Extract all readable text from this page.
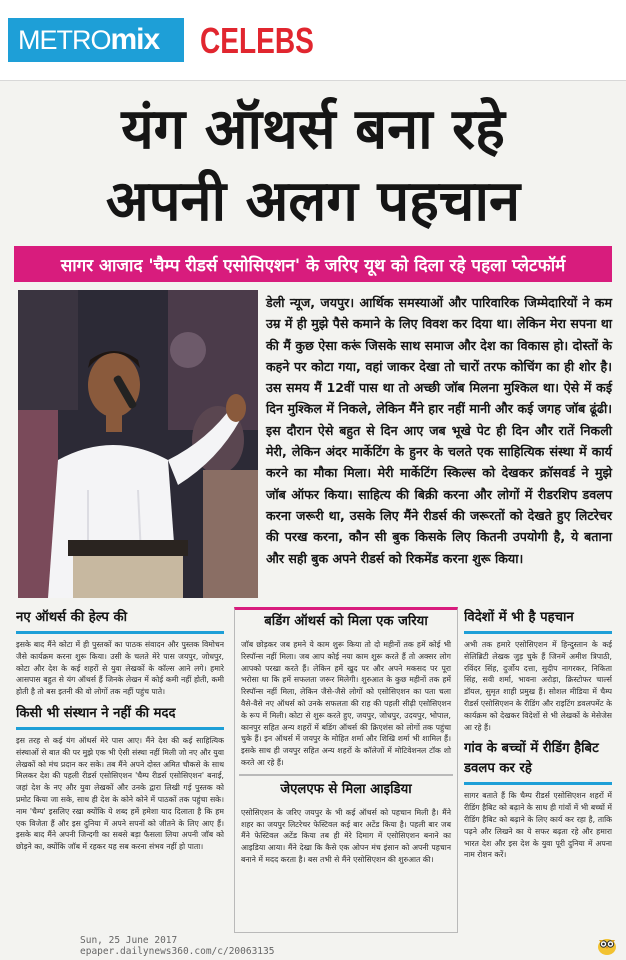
METRO mix CELEBS
यंग ऑथर्स बना रहे
अपनी अलग पहचान
सागर आजाद 'चैम्प रीडर्स एसोसिएशन' के जरिए यूथ को दिला रहे पहला प्लेटफॉर्म

डेली न्यूज, जयपुर। आर्थिक समस्याओं और पारिवारिक जिम्मेदारियों ने कम उम्र में ही मुझे पैसे कमाने के लिए विवश कर दिया था। लेकिन मेरा सपना था की मैं कुछ ऐसा करूं जिसके साथ समाज और देश का विकास हो। दोस्तों के कहने पर कोटा गया, वहां जाकर देखा तो चारों तरफ कोचिंग का ही शोर है। उस समय मैं 12वीं पास था तो अच्छी जॉब मिलना मुश्किल था। ऐसे में कई दिन मुश्किल में निकले, लेकिन मैंने हार नहीं मानी और कई जगह जॉब ढूंढी। इस दौरान ऐसे बहुत से दिन आए जब भूखे पेट ही दिन और रातें निकली मेरी, लेकिन अंदर मार्केटिंग के हुनर के चलते एक साहित्यिक संस्था में कार्य करने का मौका मिला। मेरी मार्केटिंग स्किल्स को देखकर क्रॉसवर्ड ने मुझे जॉब ऑफर किया। साहित्य की बिक्री करना और लोगों में रीडरशिप डवलप करना जरूरी था, उसके लिए मैंने रीडर्स की जरूरतों को देखते हुए लिटरेचर की परख करना, कौन सी बुक किसके लिए कितनी उपयोगी है, ये बताना और सही बुक अपने रीडर्स को रिकमेंड करना शुरू किया।

नए ऑथर्स की हेल्प की

इसके बाद मैंने कोटा में ही पुस्तकों का पाठक संवादन और पुस्तक विमोचन जैसे कार्यक्रम करना शुरू किया। उसी के चलते मेरे पास जयपुर, जोधपुर, कोटा और देश के कई शहरों से युवा लेखकों के कॉल्स आने लगे। हमारे आसपास बहुत से यंग ऑथर्स हैं जिनके लेखन में कोई कमी नहीं होती, कमी होती है तो बस इतनी की वो लोगों तक नहीं पहुंच पाते।

किसी भी संस्थान ने नहीं की मदद

इस तरह से कई यंग ऑथर्स मेरे पास आए। मैंने देश की कई साहित्यिक संस्थाओं से बात की पर मुझे एक भी ऐसी संस्था नहीं मिली जो नए और युवा लेखकों को मंच प्रदान कर सके। तब मैंने अपने दोस्त अमित चौकसे के साथ मिलकर देश की पहली रीडर्स एसोसिएशन 'चैम्प रीडर्स एसोसिएशन' बनाई, जहां देश के नए और युवा लेखकों और उनके द्वारा लिखी गई पुस्तक को प्रमोट किया जा सके, साथ ही देश के कोने कोने में पाठकों तक पहुंचा सके। नाम 'चैम्प' इसलिए रखा क्योंकि ये शब्द हमें हमेशा याद दिलाता है कि हम एक विजेता हैं और इस दुनिया में अपने सपनों को जीतने के लिए आए हैं। इसके बाद मैंने अपनी जिन्दगी का सबसे बड़ा फैसला लिया अपनी जॉब को छोड़ने का, क्योंकि जॉब में रहकर यह सब करना संभव नहीं हो पाता।

बडिंग ऑथर्स को मिला एक जरिया

जॉब छोड़कर जब हमने ये काम शुरू किया तो दो महीनों तक हमें कोई भी रिस्पॉन्स नहीं मिला। जब आप कोई नया काम शुरू करते हैं तो अक्सर लोग आपको परखा करते हैं। लेकिन हमें खुद पर और अपने मकसद पर पूरा भरोसा था कि हमें सफलता जरूर मिलेगी। शुरुआत के कुछ महीनों तक हमें रिस्पॉन्स नहीं मिला, लेकिन जैसे-जैसे लोगों को एसोसिएशन का पता चला वैसे-वैसे नए ऑथर्स को उनके सफलता की राह की पहली सीढ़ी एसोसिएशन के रूप में मिली। कोटा से शुरू करते हुए, जयपुर, जोधपुर, उदयपुर, भोपाल, कानपुर सहित अन्य शहरों में बडिंग ऑथर्स की क्रिएशंस को लोगों तक पहुंचा चुके हैं। इन ऑथर्स में जयपुर के मोहित शर्मा और शिखि शर्मा भी शामिल हैं। इसके साथ ही जयपुर सहित अन्य शहरों के कॉलेजों में मोटिवेशनल टॉक शो करते आ रहे हैं।

जेएलएफ से मिला आइडिया

एसोसिएशन के जरिए जयपुर के भी कई ऑथर्स को पहचान मिली है। मैंने शहर का जयपुर लिटरेचर फेस्टिवल कई बार अटेंड किया है। पहली बार जब मैंने फेस्टिवल अटेंड किया तब ही मेरे दिमाग में एसोसिएशन बनाने का आइडिया आया। मैंने देखा कि कैसे एक ओपन मंच इंसान को अपनी पहचान बनाने में मदद करता है। बस तभी से मैंने एसोसिएशन की शुरुआत की।

विदेशों में भी है पहचान

अभी तक हमारे एसोसिएशन में हिन्दुस्तान के कई सेलिब्रिटी लेखक जुड़ चुके हैं जिनमें अमीश त्रिपाठी, रविंदर सिंह, दुर्जोय दत्ता, सुदीप नागरकर, निकिता सिंह, सवी शर्मा, भावना अरोड़ा, क्रिस्टोफर चार्ल्स डॉयल, सुमृत शाही प्रमुख हैं। सोशल मीडिया में चैम्प रीडर्स एसोसिएशन के रीडिंग और राइटिंग डवलपमेंट के कार्यक्रम को देखकर विदेशों से भी लेखकों के मेसेजेस आ रहे हैं।

गांव के बच्चों में रीडिंग हैबिट डवलप कर रहे

सागर बताते हैं कि चैम्प रीडर्स एसोसिएशन शहरों में रीडिंग हैबिट को बढ़ाने के साथ ही गांवों में भी बच्चों में रीडिंग हैबिट को बढ़ाने के लिए कार्य कर रहा है, ताकि पढ़ने और लिखने का ये सफर बढ़ता रहे और हमारा भारत देश और इस देश के युवा पूरी दुनिया में अपना नाम रोशन करें।

Sun, 25 June 2017
epaper.dailynews360.com/c/20063135
